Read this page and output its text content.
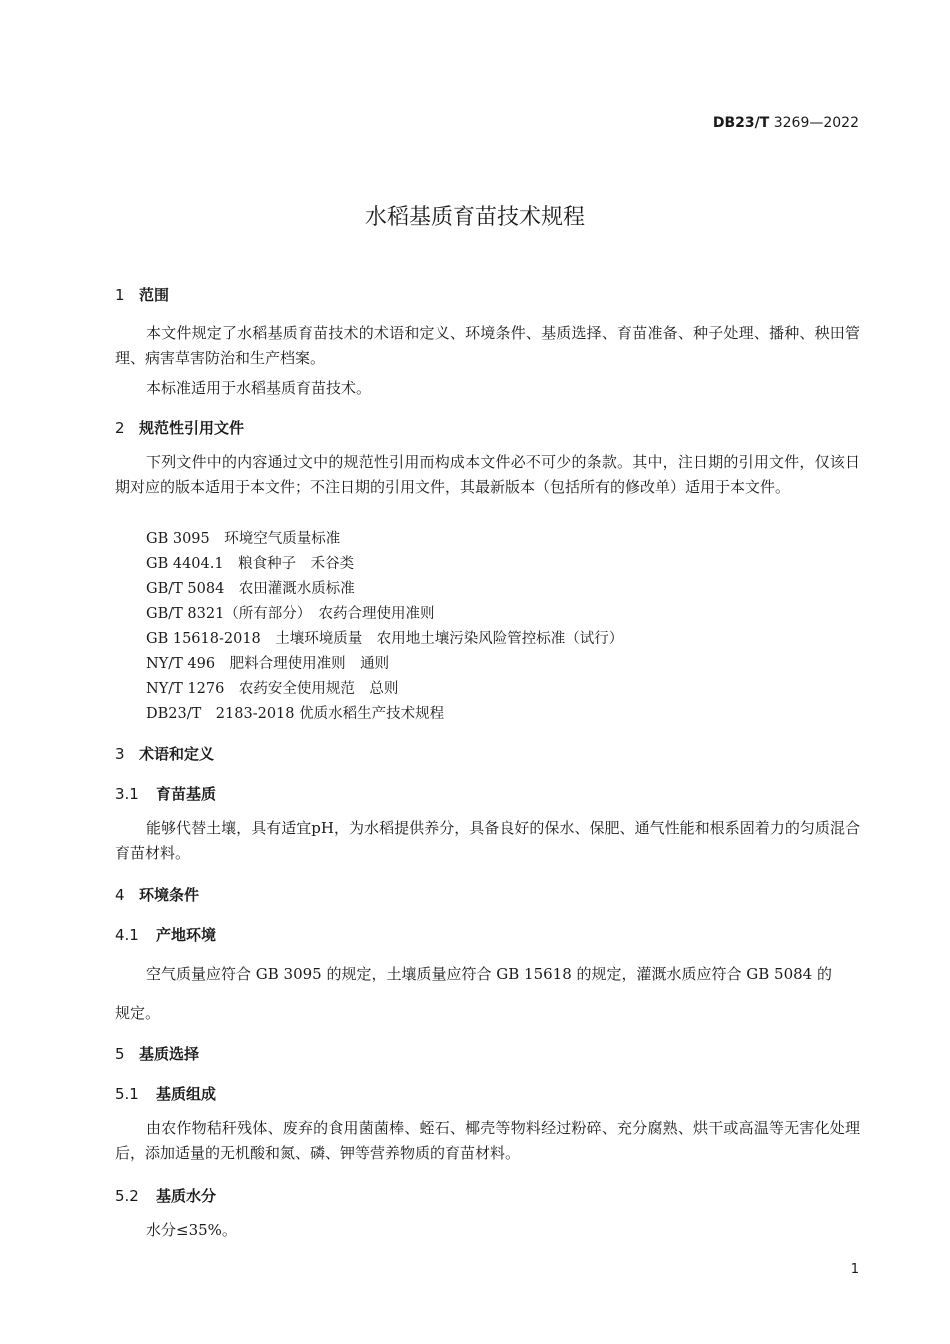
DB23/T 3269—2022
水稻基质育苗技术规程
1 范围
本文件规定了水稻基质育苗技术的术语和定义、环境条件、基质选择、育苗准备、种子处理、播种、秧田管理、病害草害防治和生产档案。
本标准适用于水稻基质育苗技术。
2 规范性引用文件
下列文件中的内容通过文中的规范性引用而构成本文件必不可少的条款。其中，注日期的引用文件，仅该日期对应的版本适用于本文件；不注日期的引用文件，其最新版本（包括所有的修改单）适用于本文件。
GB 3095　环境空气质量标准
GB 4404.1　粮食种子　禾谷类
GB/T 5084　农田灌溉水质标准
GB/T 8321（所有部分）　农药合理使用准则
GB 15618-2018　土壤环境质量　农用地土壤污染风险管控标准（试行）
NY/T 496　肥料合理使用准则　通则
NY/T 1276　农药安全使用规范　总则
DB23/T　2183-2018 优质水稻生产技术规程
3 术语和定义
3.1 育苗基质
能够代替土壤，具有适宜pH，为水稻提供养分，具备良好的保水、保肥、通气性能和根系固着力的匀质混合育苗材料。
4 环境条件
4.1 产地环境
空气质量应符合 GB 3095 的规定，土壤质量应符合 GB 15618 的规定，灌溉水质应符合 GB 5084 的
规定。
5 基质选择
5.1 基质组成
由农作物秸秆残体、废弃的食用菌菌棒、蛭石、椰壳等物料经过粉碎、充分腐熟、烘干或高温等无害化处理后，添加适量的无机酸和氮、磷、钾等营养物质的育苗材料。
5.2 基质水分
水分≤35%。
1
